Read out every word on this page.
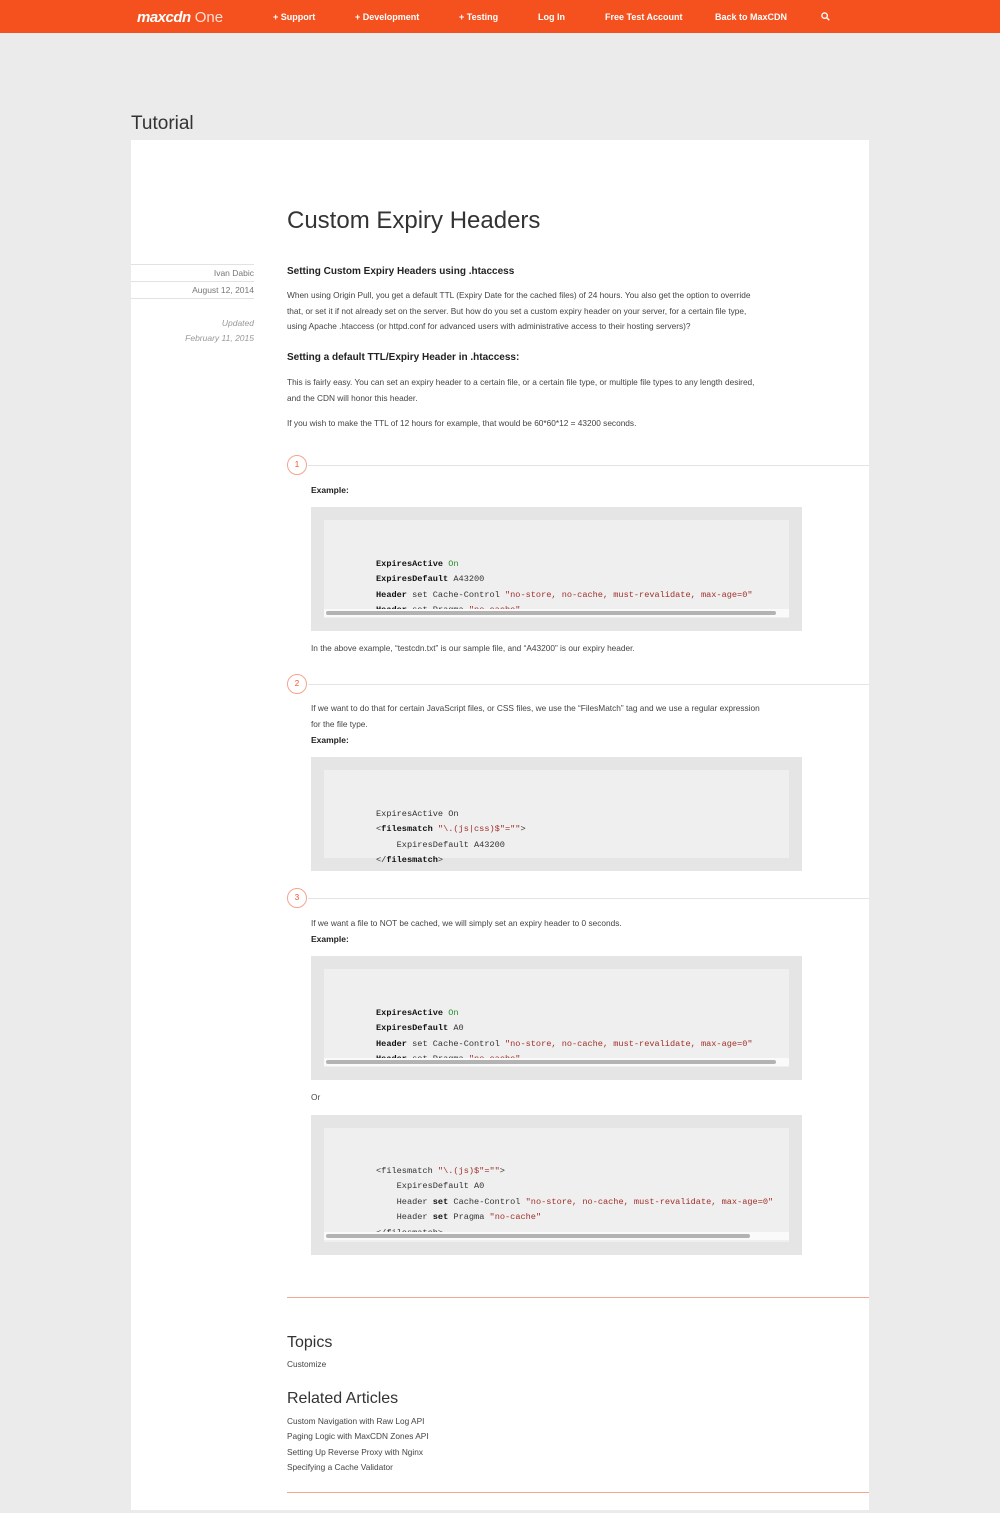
maxcdn One	+ Support	+ Development	+ Testing	Log In	Free Test Account	Back to MaxCDN
Tutorial
Custom Expiry Headers
Ivan Dabic
August 12, 2014
Updated
February 11, 2015
Setting Custom Expiry Headers using .htaccess
When using Origin Pull, you get a default TTL (Expiry Date for the cached files) of 24 hours. You also get the option to override
that, or set it if not already set on the server. But how do you set a custom expiry header on your server, for a certain file type,
using Apache .htaccess (or httpd.conf for advanced users with administrative access to their hosting servers)?
Setting a default TTL/Expiry Header in .htaccess:
This is fairly easy. You can set an expiry header to a certain file, or a certain file type, or multiple file types to any length desired,
and the CDN will honor this header.
If you wish to make the TTL of 12 hours for example, that would be 60*60*12 = 43200 seconds.
1
Example:

ExpiresActive On
ExpiresDefault A43200
Header set Cache-Control "no-store, no-cache, must-revalidate, max-age=0"

In the above example, “testcdn.txt” is our sample file, and “A43200” is our expiry header.
2
If we want to do that for certain JavaScript files, or CSS files, we use the “FilesMatch” tag and we use a regular expression
for the file type.
Example:

ExpiresActive On
<filesmatch "\.(js|css)$"="">
ExpiresDefault A43200
</filesmatch>

3
If we want a file to NOT be cached, we will simply set an expiry header to 0 seconds.
Example:

ExpiresActive On
ExpiresDefault A0
Header set Cache-Control "no-store, no-cache, must-revalidate, max-age=0"

Or

<filesmatch "\.(js)$"="">
ExpiresDefault A0
Header set Cache-Control "no-store, no-cache, must-revalidate, max-age=0"
Header set Pragma "no-cache"

Topics
Customize
Related Articles
Custom Navigation with Raw Log API
Paging Logic with MaxCDN Zones API
Setting Up Reverse Proxy with Nginx
Specifying a Cache Validator
